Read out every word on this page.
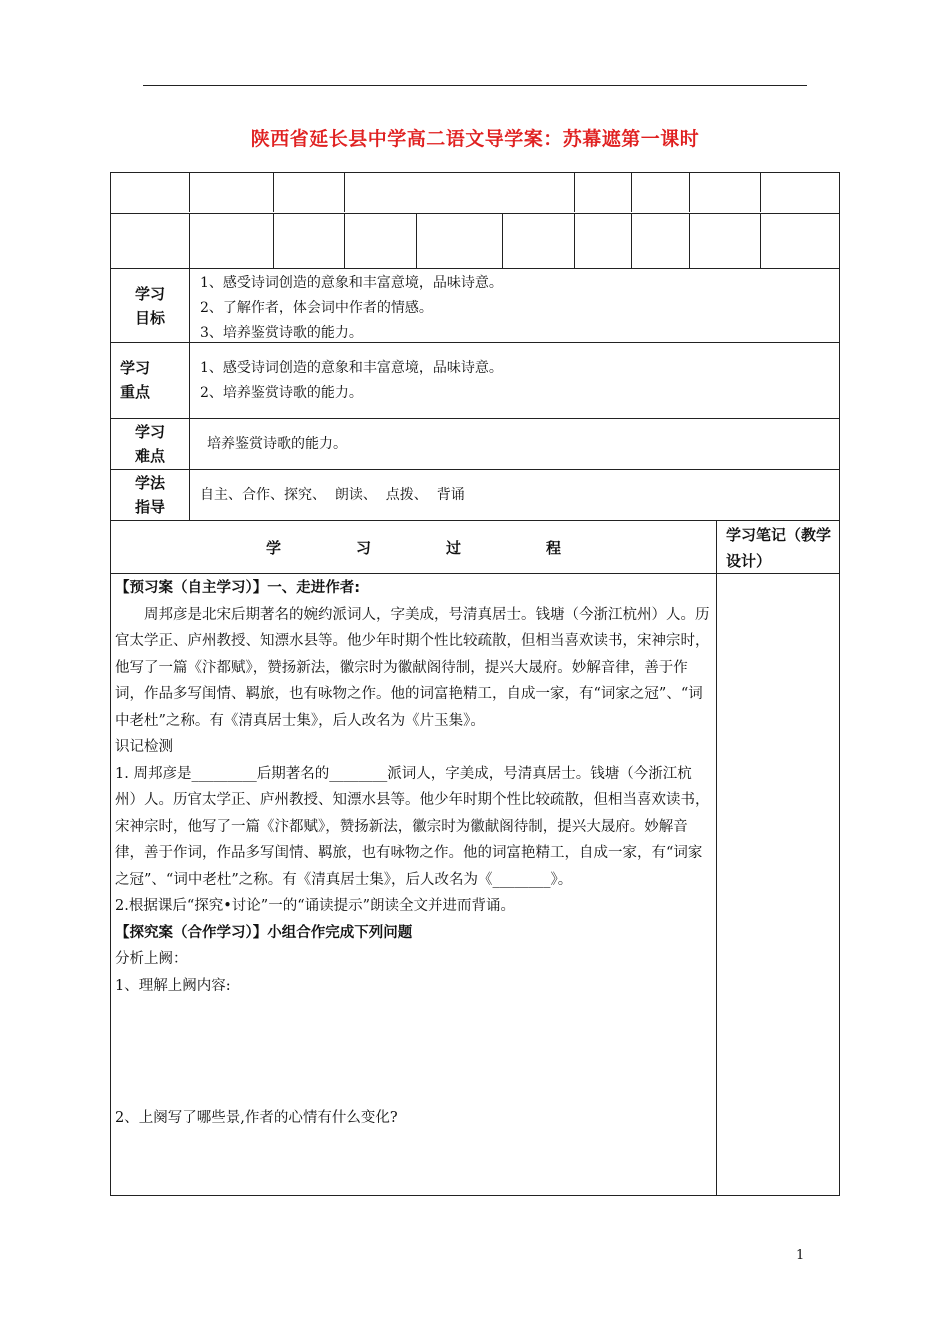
陕西省延长县中学高二语文导学案：苏幕遮第一课时
学习
目标
1、感受诗词创造的意象和丰富意境，品味诗意。
2、了解作者，体会词中作者的情感。
3、培养鉴赏诗歌的能力。
学习
重点
1、感受诗词创造的意象和丰富意境，品味诗意。
2、培养鉴赏诗歌的能力。
学习
难点
培养鉴赏诗歌的能力。
学法
指导
自主、合作、探究、  朗读、  点拨、  背诵
学	习	过	程
学习笔记（教学设计）

【预习案（自主学习）】一、走进作者:

周邦彦是北宋后期著名的婉约派词人，字美成，号清真居士。钱塘（今浙江杭州）人。历官太学正、庐州教授、知漂水县等。他少年时期个性比较疏散，但相当喜欢读书，宋神宗时，他写了一篇《汴都赋》，赞扬新法，徽宗时为徽献阁待制，提兴大晟府。妙解音律，善于作词，作品多写闺情、羁旅，也有咏物之作。他的词富艳精工，自成一家，有“词家之冠”、“词中老杜”之称。有《清真居士集》，后人改名为《片玉集》。

识记检测

1. 周邦彦是_________后期著名的________派词人，字美成，号清真居士。钱塘（今浙江杭州）人。历官太学正、庐州教授、知漂水县等。他少年时期个性比较疏散，但相当喜欢读书，宋神宗时，他写了一篇《汴都赋》，赞扬新法，徽宗时为徽献阁待制，提兴大晟府。妙解音律，善于作词，作品多写闺情、羁旅，也有咏物之作。他的词富艳精工，自成一家，有“词家之冠”、“词中老杜”之称。有《清真居士集》，后人改名为《________》。

2.根据课后“探究•讨论”一的“诵读提示”朗读全文并进而背诵。

【探究案（合作学习）】小组合作完成下列问题

分析上阙：

1、理解上阙内容:

2、上阕写了哪些景,作者的心情有什么变化?

1
